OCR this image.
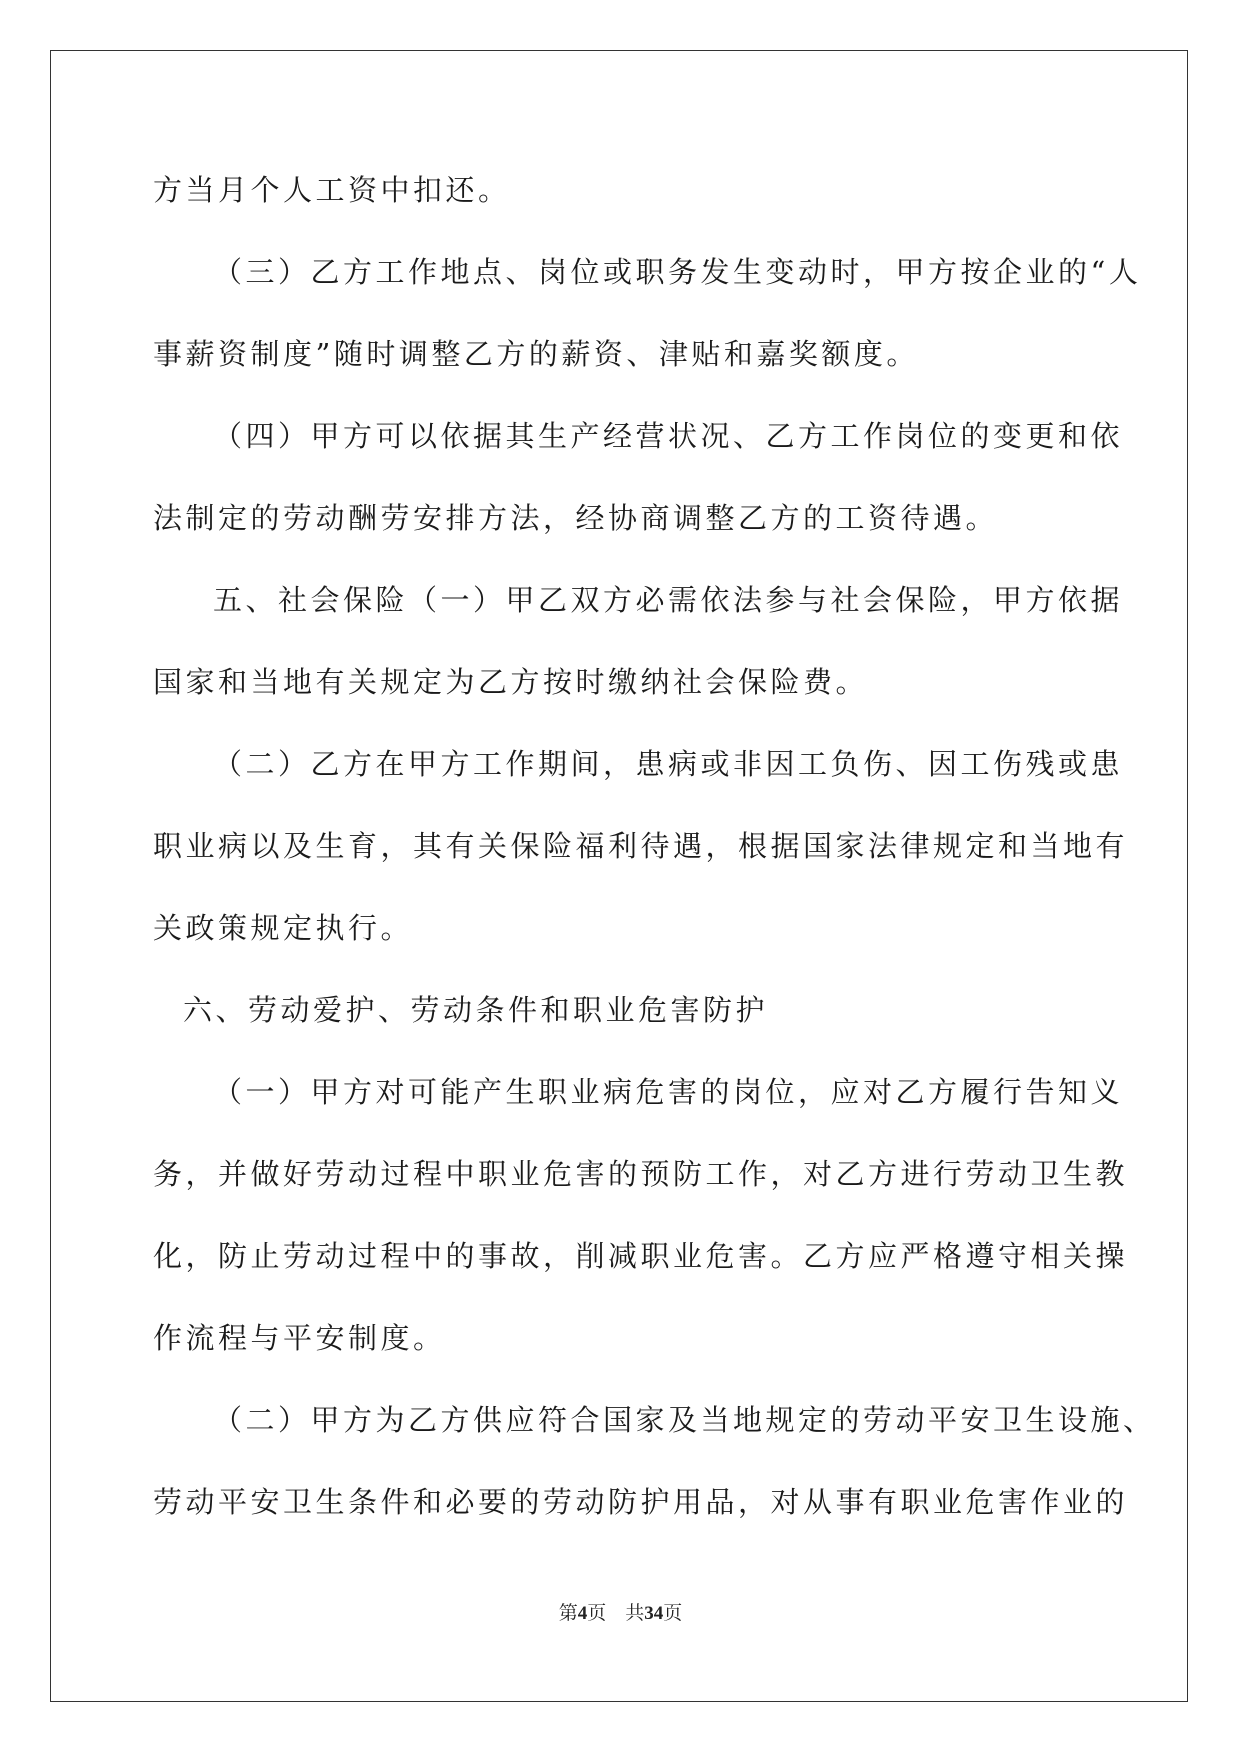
方当月个人工资中扣还。
（三）乙方工作地点、岗位或职务发生变动时，甲方按企业的“人
事薪资制度”随时调整乙方的薪资、津贴和嘉奖额度。
（四）甲方可以依据其生产经营状况、乙方工作岗位的变更和依
法制定的劳动酬劳安排方法，经协商调整乙方的工资待遇。
五、社会保险（一）甲乙双方必需依法参与社会保险，甲方依据
国家和当地有关规定为乙方按时缴纳社会保险费。
（二）乙方在甲方工作期间，患病或非因工负伤、因工伤残或患
职业病以及生育，其有关保险福利待遇，根据国家法律规定和当地有
关政策规定执行。
六、劳动爱护、劳动条件和职业危害防护
（一）甲方对可能产生职业病危害的岗位，应对乙方履行告知义
务，并做好劳动过程中职业危害的预防工作，对乙方进行劳动卫生教
化，防止劳动过程中的事故，削减职业危害。乙方应严格遵守相关操
作流程与平安制度。
（二）甲方为乙方供应符合国家及当地规定的劳动平安卫生设施、
劳动平安卫生条件和必要的劳动防护用品，对从事有职业危害作业的
第4页 共34页
